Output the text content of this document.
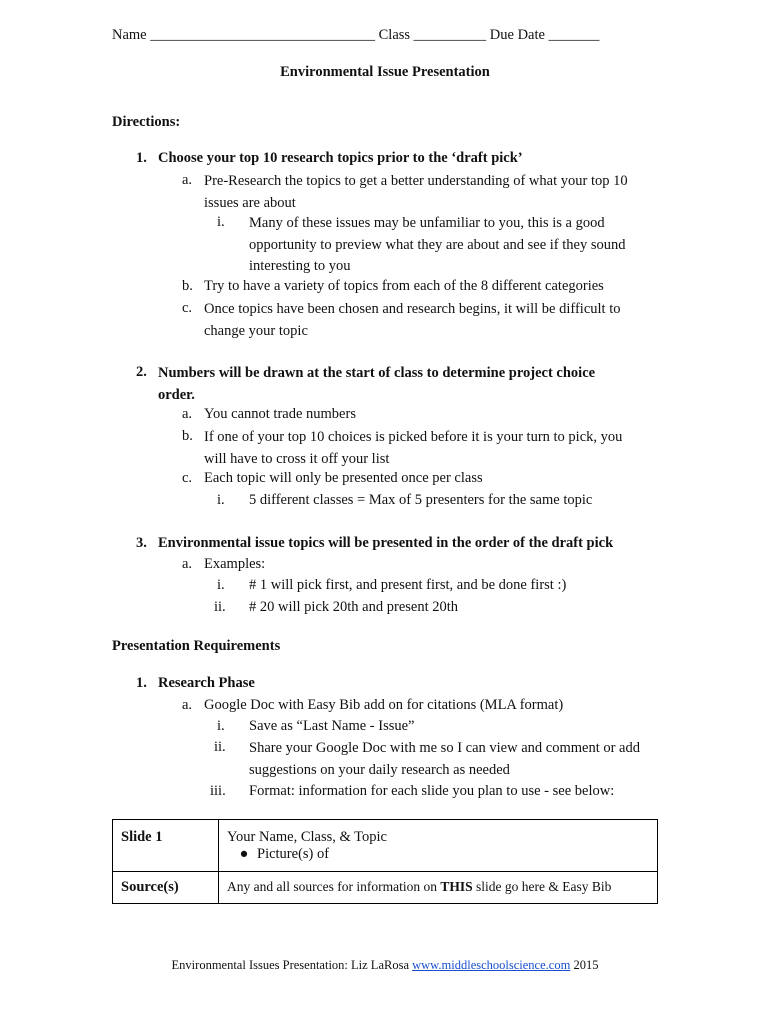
Name _______________________________ Class __________ Due Date _______
Environmental Issue Presentation
Directions:
1. Choose your top 10 research topics prior to the ‘draft pick’
a. Pre-Research the topics to get a better understanding of what your top 10
issues are about
i. Many of these issues may be unfamiliar to you, this is a good
opportunity to preview what they are about and see if they sound
interesting to you
b. Try to have a variety of topics from each of the 8 different categories
c. Once topics have been chosen and research begins, it will be difficult to
change your topic
2. Numbers will be drawn at the start of class to determine project choice
order.
a. You cannot trade numbers
b. If one of your top 10 choices is picked before it is your turn to pick, you
will have to cross it off your list
c. Each topic will only be presented once per class
i. 5 different classes = Max of 5 presenters for the same topic
3. Environmental issue topics will be presented in the order of the draft pick
a. Examples:
i. # 1 will pick first, and present first, and be done first :)
ii. # 20 will pick 20th and present 20th
Presentation Requirements
1. Research Phase
a. Google Doc with Easy Bib add on for citations (MLA format)
i. Save as “Last Name - Issue”
ii. Share your Google Doc with me so I can view and comment or add
suggestions on your daily research as needed
iii. Format: information for each slide you plan to use - see below:
Slide 1	Your Name, Class, & Topic
● Picture(s) of

Source(s)	Any and all sources for information on THIS slide go here & Easy Bib
Environmental Issues Presentation: Liz LaRosa www.middleschoolscience.com 2015
